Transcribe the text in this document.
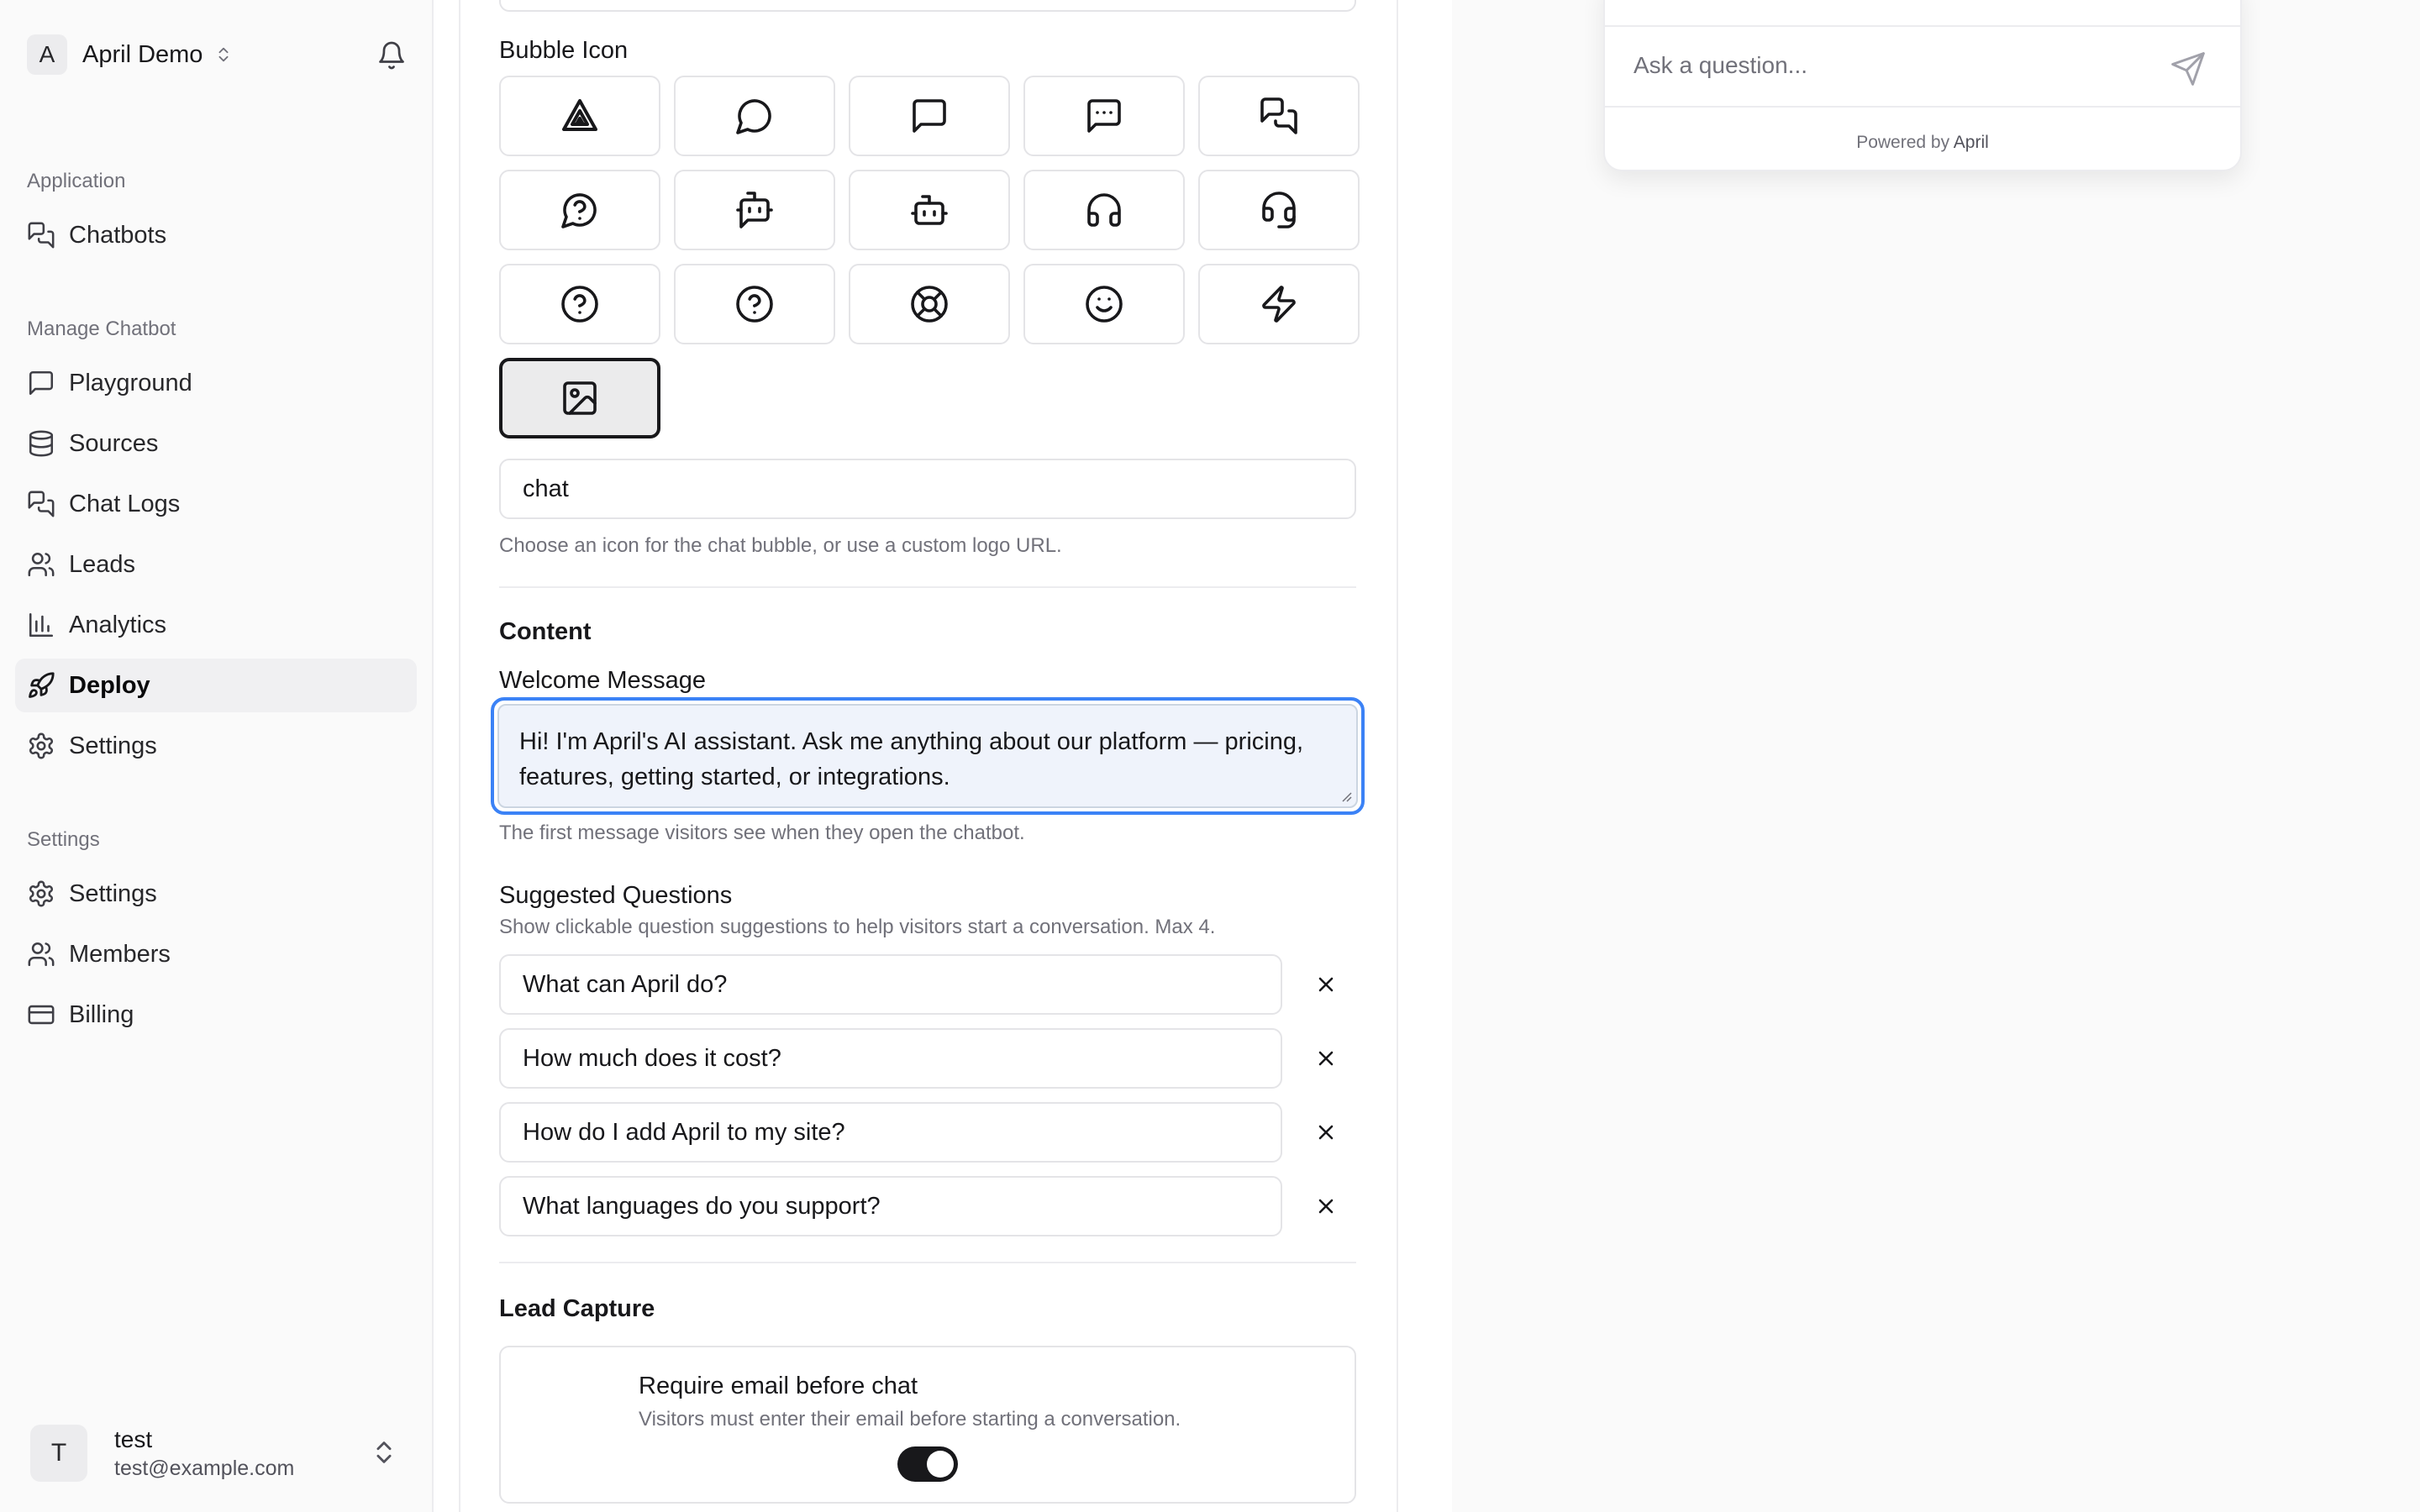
A	April Demo
Application
Chatbots
Manage Chatbot
Playground
Sources
Chat Logs
Leads
Analytics
Deploy
Settings
Settings
Settings
Members
Billing
T	test
test@example.com
Bubble Icon
chat
Choose an icon for the chat bubble, or use a custom logo URL.
Content
Welcome Message
Hi! I'm April's AI assistant. Ask me anything about our platform — pricing, features, getting started, or integrations.
The first message visitors see when they open the chatbot.
Suggested Questions
Show clickable question suggestions to help visitors start a conversation. Max 4.
What can April do?
How much does it cost?
How do I add April to my site?
What languages do you support?
Lead Capture
Require email before chat
Visitors must enter their email before starting a conversation.
Ask a question...
Powered by April
